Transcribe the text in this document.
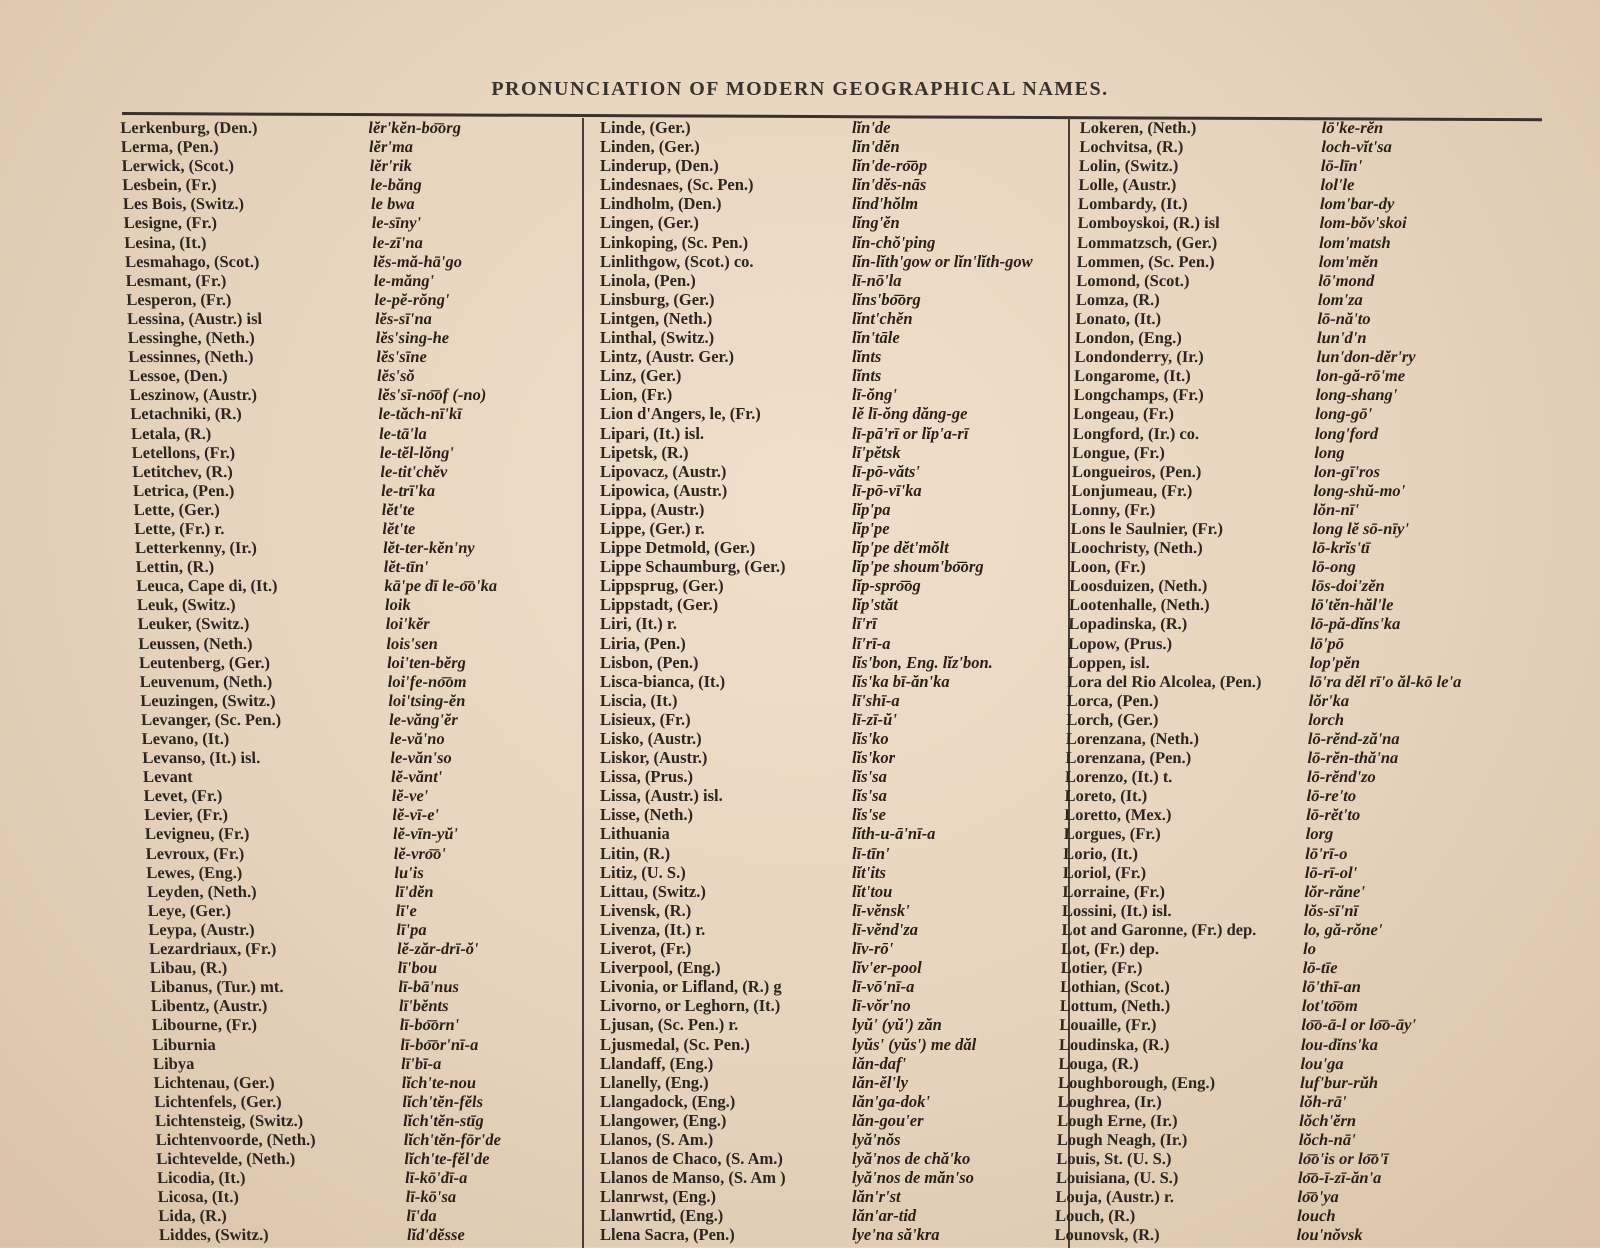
PRONUNCIATION OF MODERN GEOGRAPHICAL NAMES.
Lerkenburg, (Den.)	lĕr'kĕn-bo͞org
Lerma, (Pen.)	lĕr'ma
Lerwick, (Scot.)	lĕr'rik
Lesbein, (Fr.)	le-băng
Les Bois, (Switz.)	le bwa
Lesigne, (Fr.)	le-sīny'
Lesina, (It.)	le-zī'na
Lesmahago, (Scot.)	lĕs-mă-hā'go
Lesmant, (Fr.)	le-măng'
Lesperon, (Fr.)	le-pĕ-rŏng'
Lessina, (Austr.) isl	lĕs-sī'na
Lessinghe, (Neth.)	lĕs'sing-he
Lessinnes, (Neth.)	lĕs'sīne
Lessoe, (Den.)	lĕs'sŏ
Leszinow, (Austr.)	lĕs'sī-no͞of (-no)
Letachniki, (R.)	le-tăch-nī'kī
Letala, (R.)	le-tā'la
Letellons, (Fr.)	le-tĕl-lŏng'
Letitchev, (R.)	le-tit'chĕv
Letrica, (Pen.)	le-trī'ka
Lette, (Ger.)	lĕt'te
Lette, (Fr.) r.	lĕt'te
Letterkenny, (Ir.)	lĕt-ter-kĕn'ny
Lettin, (R.)	lĕt-tīn'
Leuca, Cape di, (It.)	kā'pe dī le-o͞o'ka
Leuk, (Switz.)	loik
Leuker, (Switz.)	loi'kĕr
Leussen, (Neth.)	lois'sen
Leutenberg, (Ger.)	loi'ten-bĕrg
Leuvenum, (Neth.)	loi'fe-no͞om
Leuzingen, (Switz.)	loi'tsing-ĕn
Levanger, (Sc. Pen.)	le-văng'ĕr
Levano, (It.)	le-vă'no
Levanso, (It.) isl.	le-văn'so
Levant	lĕ-vănt'
Levet, (Fr.)	lĕ-ve'
Levier, (Fr.)	lĕ-vī-e'
Levigneu, (Fr.)	lĕ-vīn-yŭ'
Levroux, (Fr.)	lĕ-vro͞o'
Lewes, (Eng.)	lu'is
Leyden, (Neth.)	lī'dĕn
Leye, (Ger.)	lī'e
Leypa, (Austr.)	lī'pa
Lezardriaux, (Fr.)	lĕ-zăr-drī-ŏ'
Libau, (R.)	lī'bou
Libanus, (Tur.) mt.	lī-bā'nus
Libentz, (Austr.)	lī'bĕnts
Libourne, (Fr.)	lī-bo͞orn'
Liburnia	lī-bo͞or'nī-a
Libya	lī'bī-a
Lichtenau, (Ger.)	lĭch'te-nou
Lichtenfels, (Ger.)	lĭch'tĕn-fĕls
Lichtensteig, (Switz.)	lĭch'tĕn-stīg
Lichtenvoorde, (Neth.)	lĭch'tĕn-fōr'de
Lichtevelde, (Neth.)	lĭch'te-fĕl'de
Licodia, (It.)	lī-kō'dī-a
Licosa, (It.)	lī-kō'sa
Lida, (R.)	lī'da
Liddes, (Switz.)	lĭd'dĕsse
Linde, (Ger.)	lĭn'de
Linden, (Ger.)	lĭn'dĕn
Linderup, (Den.)	lĭn'de-ro͞op
Lindesnaes, (Sc. Pen.)	lĭn'dĕs-nās
Lindholm, (Den.)	lĭnd'hŏlm
Lingen, (Ger.)	lĭng'ĕn
Linkoping, (Sc. Pen.)	lĭn-chŏ'ping
Linlithgow, (Scot.) co.	lĭn-lĭth'gow or lĭn'lĭth-gow
Linola, (Pen.)	lī-nō'la
Linsburg, (Ger.)	lĭns'bo͞org
Lintgen, (Neth.)	lĭnt'chĕn
Linthal, (Switz.)	lĭn'tāle
Lintz, (Austr. Ger.)	lĭnts
Linz, (Ger.)	lĭnts
Lion, (Fr.)	lī-ŏng'
Lion d'Angers, le, (Fr.)	lĕ lī-ŏng dăng-ge
Lipari, (It.) isl.	lī-pā'rī or lĭp'a-rī
Lipetsk, (R.)	lī'pĕtsk
Lipovacz, (Austr.)	lī-pō-văts'
Lipowica, (Austr.)	lī-pō-vī'ka
Lippa, (Austr.)	lĭp'pa
Lippe, (Ger.) r.	lĭp'pe
Lippe Detmold, (Ger.)	lĭp'pe dĕt'mŏlt
Lippe Schaumburg, (Ger.)	lĭp'pe shoum'bo͞org
Lippsprug, (Ger.)	lĭp-spro͞og
Lippstadt, (Ger.)	lĭp'stăt
Liri, (It.) r.	lī'rī
Liria, (Pen.)	lī'rī-a
Lisbon, (Pen.)	lĭs'bon, Eng. lĭz'bon.
Lisca-bianca, (It.)	lĭs'ka bī-ăn'ka
Liscia, (It.)	lī'shī-a
Lisieux, (Fr.)	lī-zī-ŭ'
Lisko, (Austr.)	lĭs'ko
Liskor, (Austr.)	lĭs'kor
Lissa, (Prus.)	lĭs'sa
Lissa, (Austr.) isl.	lĭs'sa
Lisse, (Neth.)	lĭs'se
Lithuania	lĭth-u-ā'nī-a
Litin, (R.)	lī-tīn'
Litiz, (U. S.)	lĭt'its
Littau, (Switz.)	lĭt'tou
Livensk, (R.)	lī-vĕnsk'
Livenza, (It.) r.	lī-vĕnd'za
Liverot, (Fr.)	līv-rō'
Liverpool, (Eng.)	lĭv'er-pool
Livonia, or Lifland, (R.) g	lī-vō'nī-a
Livorno, or Leghorn, (It.)	lī-vŏr'no
Ljusan, (Sc. Pen.) r.	lyŭ' (yŭ') zăn
Ljusmedal, (Sc. Pen.)	lyŭs' (yŭs') me dăl
Llandaff, (Eng.)	lăn-daf'
Llanelly, (Eng.)	lăn-ĕl'ly
Llangadock, (Eng.)	lăn'ga-dok'
Llangower, (Eng.)	lăn-gou'er
Llanos, (S. Am.)	lyă'nŏs
Llanos de Chaco, (S. Am.)	lyă'nos de chă'ko
Llanos de Manso, (S. Am )	lyă'nos de măn'so
Llanrwst, (Eng.)	lăn'r'st
Llanwrtid, (Eng.)	lăn'ar-tid
Llena Sacra, (Pen.)	lye'na să'kra
Lokeren, (Neth.)	lō'ke-rĕn
Lochvitsa, (R.)	loch-vĭt'sa
Lolin, (Switz.)	lō-līn'
Lolle, (Austr.)	lol'le
Lombardy, (It.)	lom'bar-dy
Lomboyskoi, (R.) isl	lom-bŏv'skoi
Lommatzsch, (Ger.)	lom'matsh
Lommen, (Sc. Pen.)	lom'mĕn
Lomond, (Scot.)	lō'mond
Lomza, (R.)	lom'za
Lonato, (It.)	lō-nă'to
London, (Eng.)	lun'd'n
Londonderry, (Ir.)	lun'don-dĕr'ry
Longarome, (It.)	lon-gă-rō'me
Longchamps, (Fr.)	long-shang'
Longeau, (Fr.)	long-gō'
Longford, (Ir.) co.	long'ford
Longue, (Fr.)	long
Longueiros, (Pen.)	lon-gī'ros
Lonjumeau, (Fr.)	long-shŭ-mo'
Lonny, (Fr.)	lŏn-nī'
Lons le Saulnier, (Fr.)	long lĕ sō-nīy'
Loochristy, (Neth.)	lō-krĭs'tī
Loon, (Fr.)	lō-ong
Loosduizen, (Neth.)	lōs-doi'zĕn
Lootenhalle, (Neth.)	lō'tĕn-hăl'le
Lopadinska, (R.)	lō-pă-dĭns'ka
Lopow, (Prus.)	lō'pō
Loppen, isl.	lop'pĕn
Lora del Rio Alcolea, (Pen.)	lō'ra dĕl rī'o ăl-kō le'a
Lorca, (Pen.)	lŏr'ka
Lorch, (Ger.)	lorch
Lorenzana, (Neth.)	lō-rĕnd-ză'na
Lorenzana, (Pen.)	lō-rĕn-thă'na
Lorenzo, (It.) t.	lō-rĕnd'zo
Loreto, (It.)	lō-re'to
Loretto, (Mex.)	lō-rĕt'to
Lorgues, (Fr.)	lorg
Lorio, (It.)	lō'rī-o
Loriol, (Fr.)	lō-rī-ol'
Lorraine, (Fr.)	lŏr-răne'
Lossini, (It.) isl.	lŏs-sī'nī
Lot and Garonne, (Fr.) dep.	lo, gă-rŏne'
Lot, (Fr.) dep.	lo
Lotier, (Fr.)	lō-tīe
Lothian, (Scot.)	lō'thī-an
Lottum, (Neth.)	lot'to͞om
Louaille, (Fr.)	lo͞o-ā-l or lo͞o-āy'
Loudinska, (R.)	lou-dĭns'ka
Louga, (R.)	lou'ga
Loughborough, (Eng.)	luf'bur-rŭh
Loughrea, (Ir.)	lŏh-rā'
Lough Erne, (Ir.)	lŏch'ĕrn
Lough Neagh, (Ir.)	lŏch-nā'
Louis, St. (U. S.)	lo͞o'is or lo͞o'ī
Louisiana, (U. S.)	lo͞o-ī-zī-ăn'a
Louja, (Austr.) r.	lo͞o'ya
Louch, (R.)	louch
Lounovsk, (R.)	lou'nŏvsk
